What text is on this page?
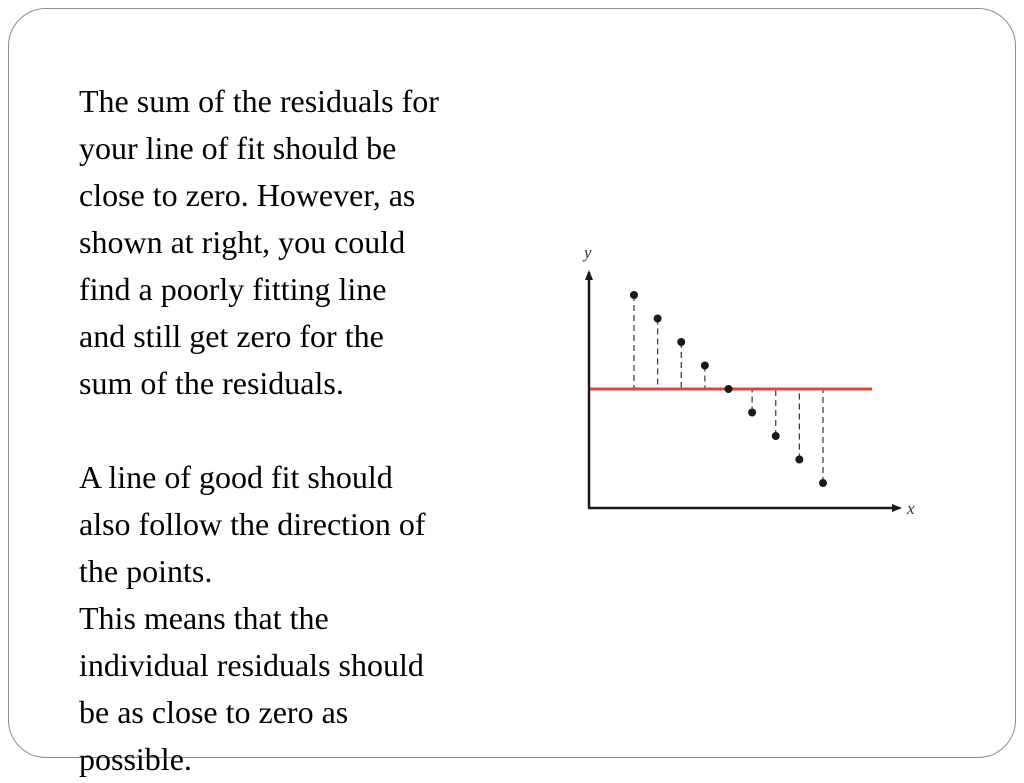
The sum of the residuals for
your line of fit should be
close to zero. However, as
shown at right, you could
find a poorly fitting line
and still get zero for the
sum of the residuals.

A line of good fit should
also follow the direction of
the points.

This means that the
individual residuals should
be as close to zero as
possible.

y
x
